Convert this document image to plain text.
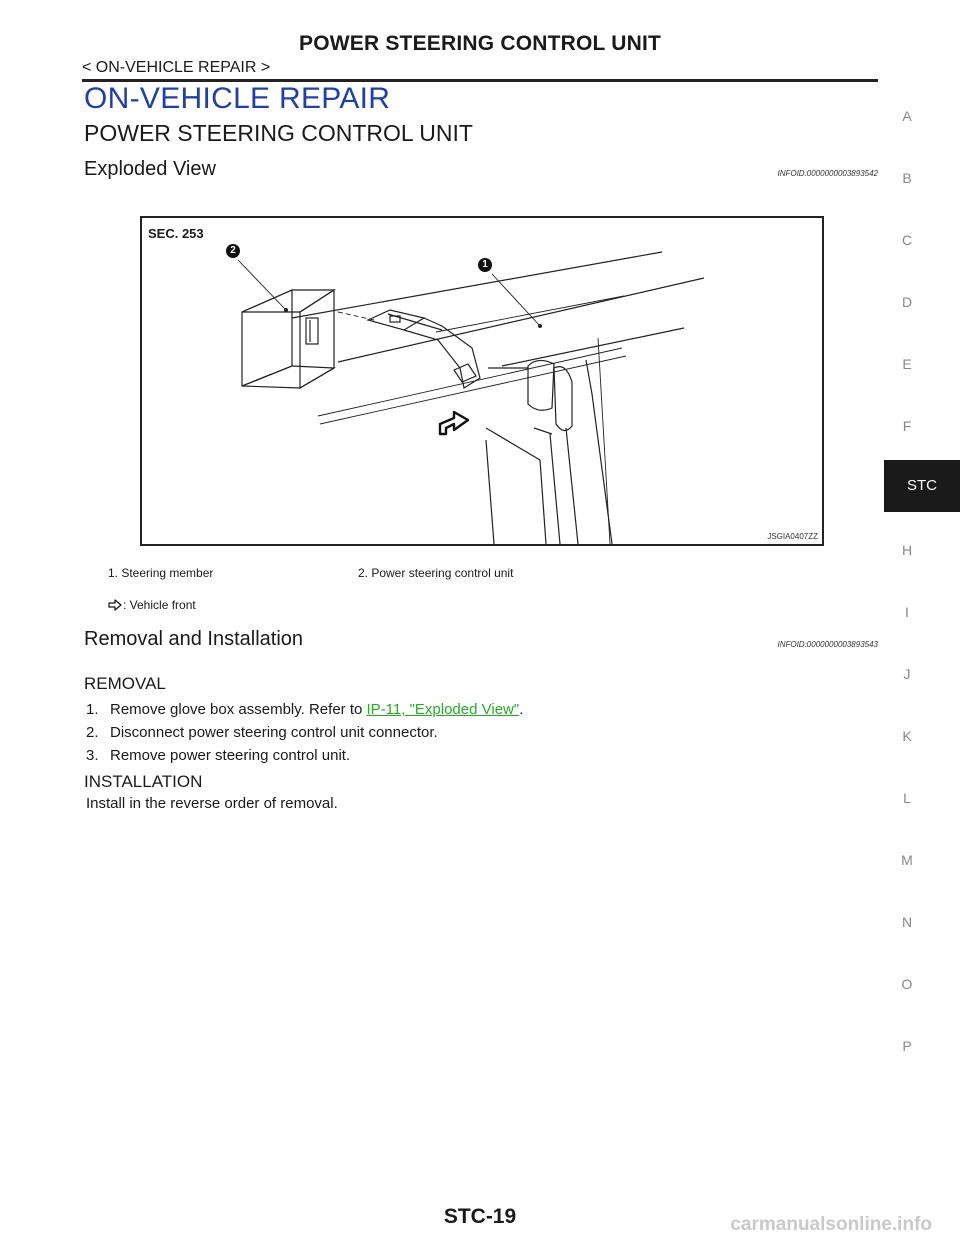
POWER STEERING CONTROL UNIT
< ON-VEHICLE REPAIR >
ON-VEHICLE REPAIR
POWER STEERING CONTROL UNIT
Exploded View	INFOID:0000000003893542
SEC. 253
2
1
JSGIA0407ZZ
1. Steering member	2. Power steering control unit
: Vehicle front
Removal and Installation	INFOID:0000000003893543
REMOVAL
1. Remove glove box assembly. Refer to IP-11, "Exploded View".
2. Disconnect power steering control unit connector.
3. Remove power steering control unit.
INSTALLATION
Install in the reverse order of removal.
A
B
C
D
E
F
H
I
J
K
L
M
N
O
P
STC
STC-19	carmanualsonline.info
